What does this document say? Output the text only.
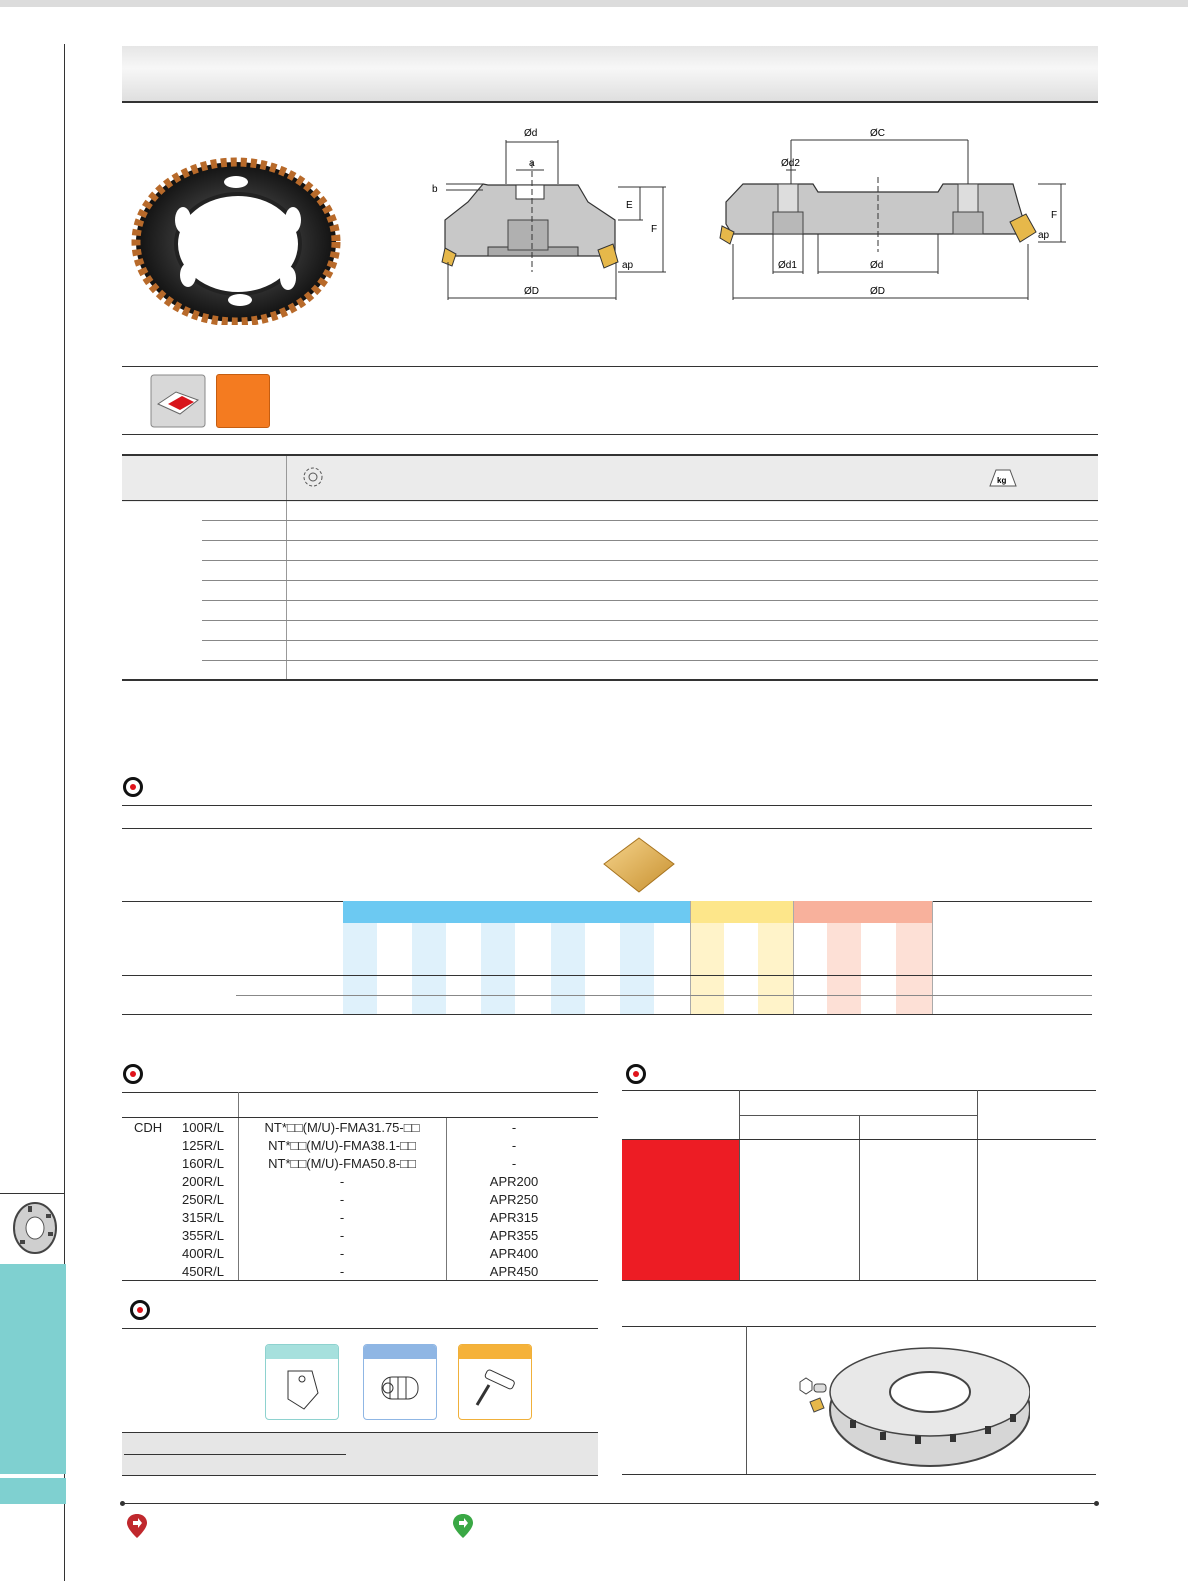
Ød
a
b
E
F
ap
ØD
ØC
Ød2
F
ap
Ød1	Ød
ØD
kg
CDH 100R/L
125R/L
160R/L
200R/L
250R/L
315R/L
355R/L
400R/L
450R/L
NT*□□(M/U)-FMA31.75-□□
NT*□□(M/U)-FMA38.1-□□
NT*□□(M/U)-FMA50.8-□□
-
-
-
-
-
-
-
-
-
APR200
APR250
APR315
APR355
APR400
APR450
